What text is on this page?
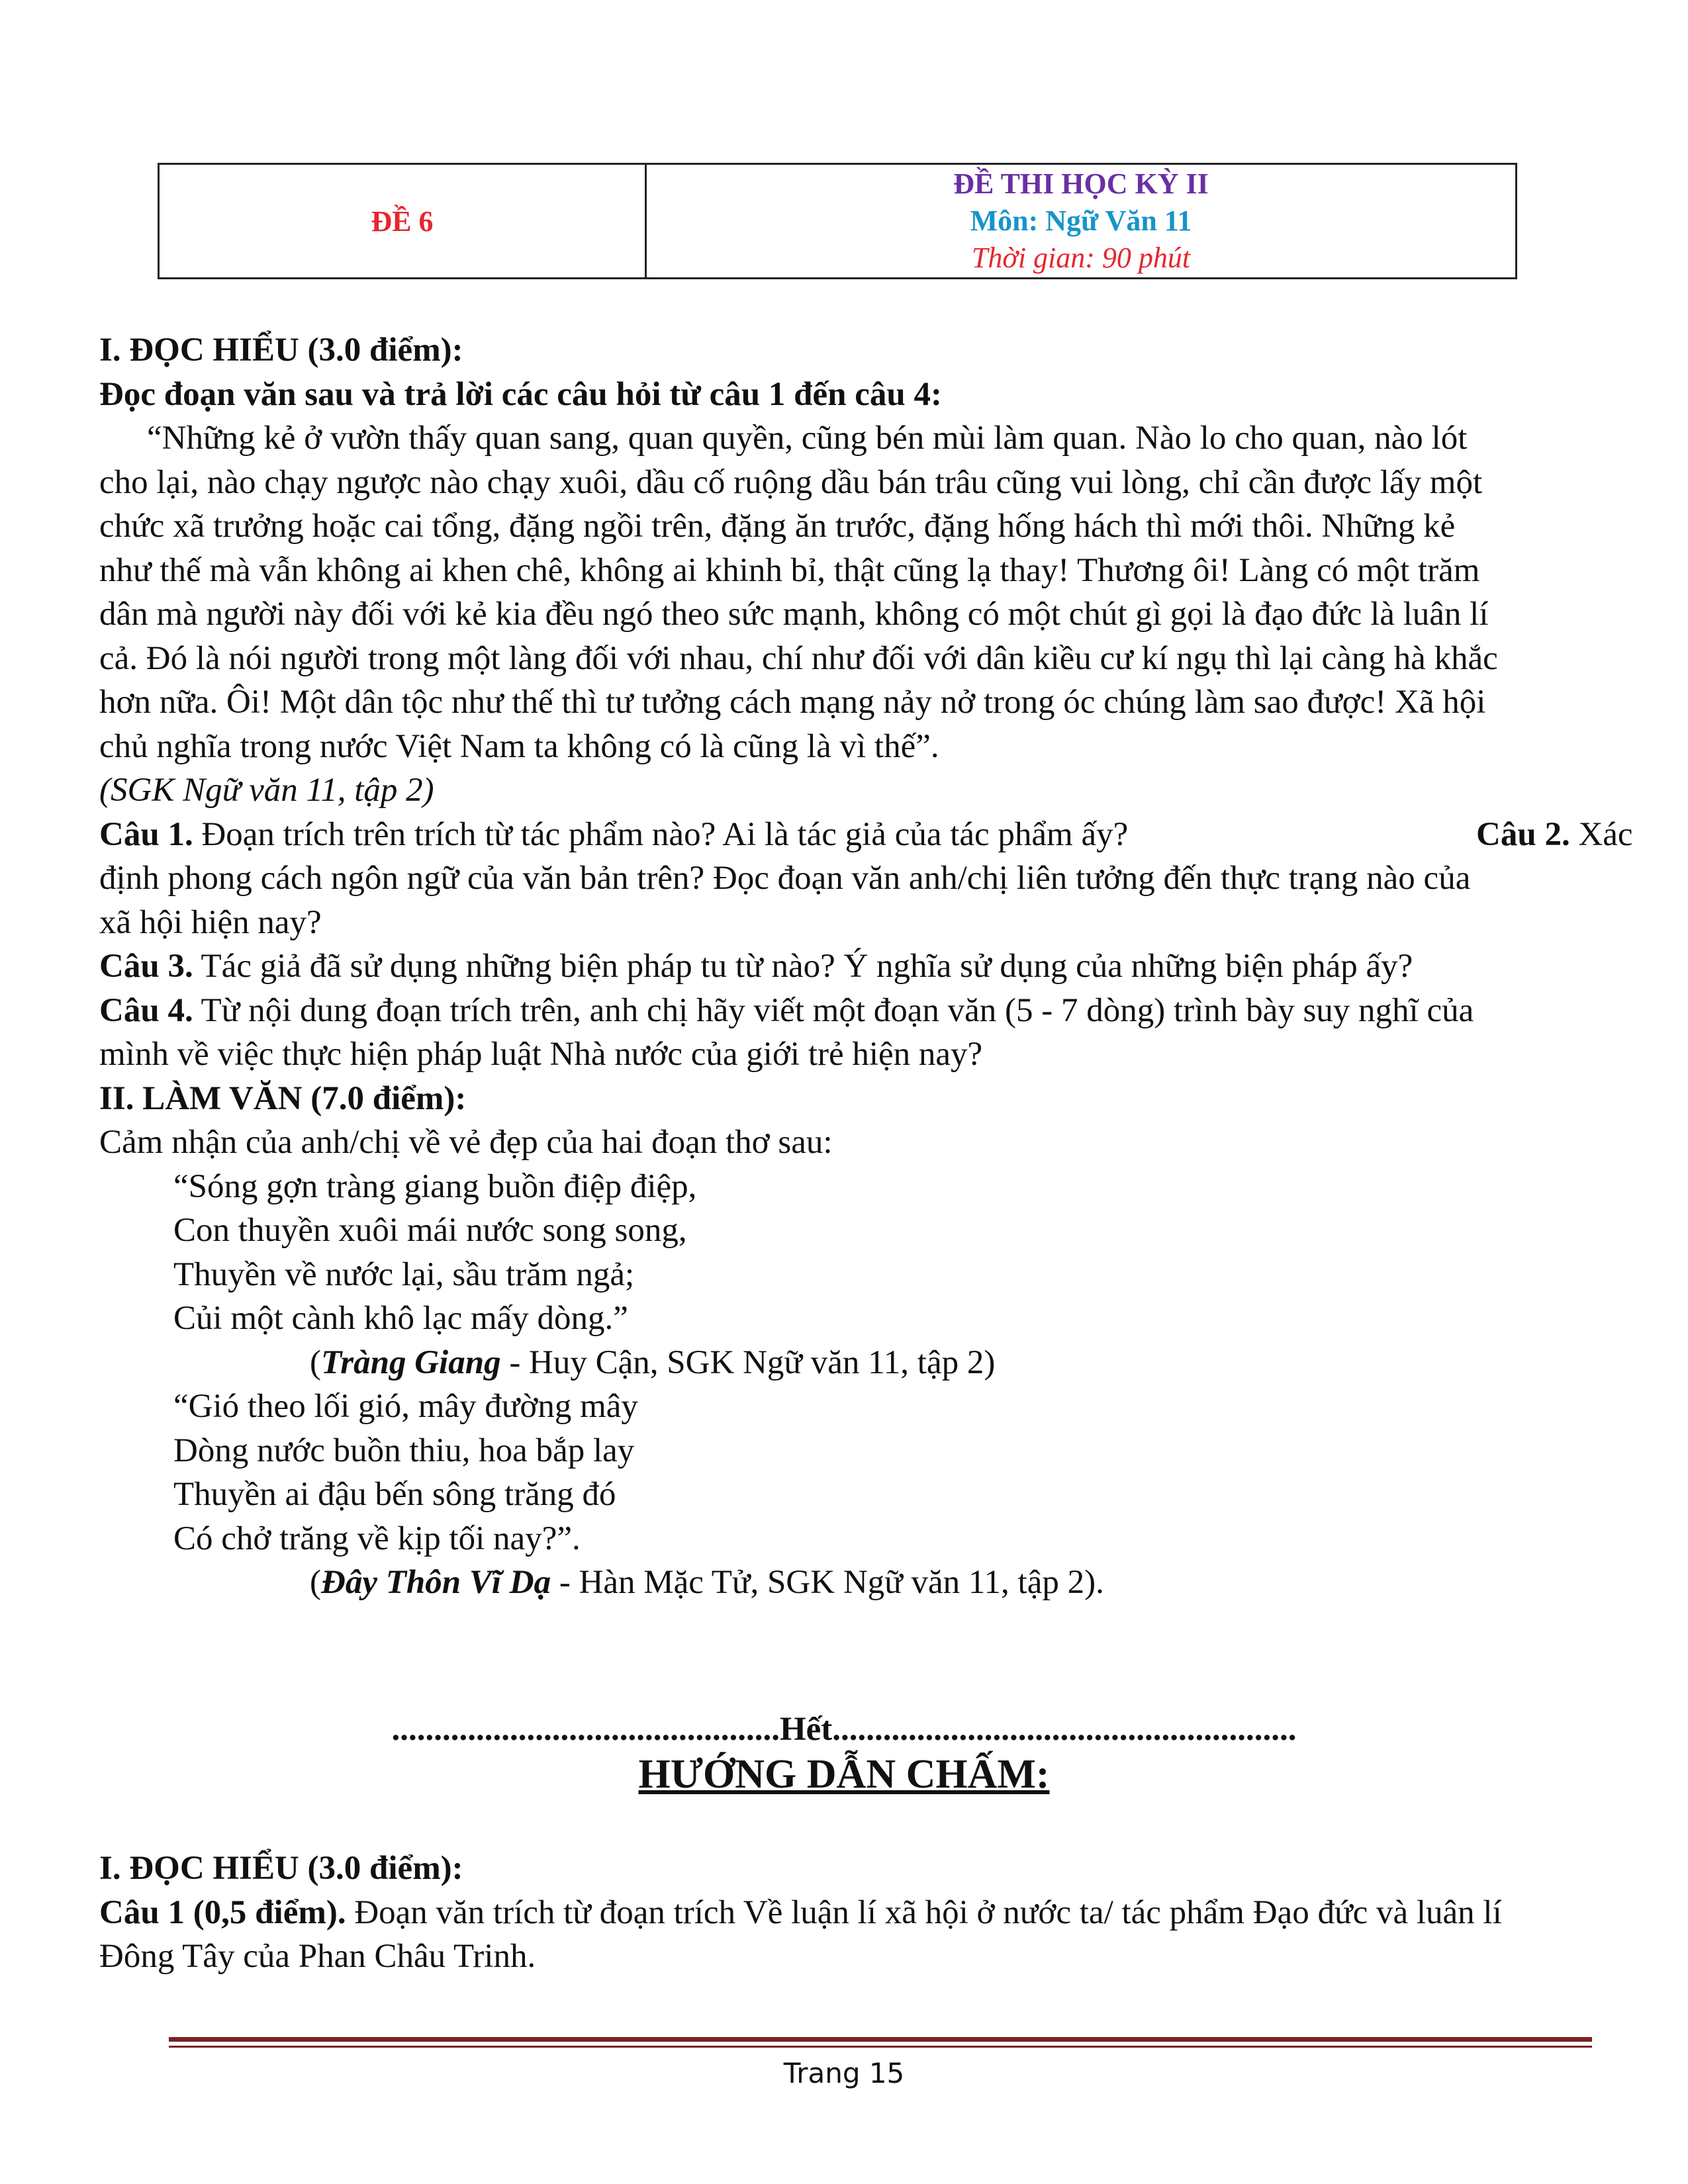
ĐỀ 6
ĐỀ THI HỌC KỲ II
Môn: Ngữ Văn 11
Thời gian: 90 phút
I. ĐỌC HIỂU (3.0 điểm):
Đọc đoạn văn sau và trả lời các câu hỏi từ câu 1 đến câu 4:
“Những kẻ ở vườn thấy quan sang, quan quyền, cũng bén mùi làm quan. Nào lo cho quan, nào lót
cho lại, nào chạy ngược nào chạy xuôi, dầu cố ruộng dầu bán trâu cũng vui lòng, chỉ cần được lấy một
chức xã trưởng hoặc cai tổng, đặng ngồi trên, đặng ăn trước, đặng hống hách thì mới thôi. Những kẻ
như thế mà vẫn không ai khen chê, không ai khinh bỉ, thật cũng lạ thay! Thương ôi! Làng có một trăm
dân mà người này đối với kẻ kia đều ngó theo sức mạnh, không có một chút gì gọi là đạo đức là luân lí
cả. Đó là nói người trong một làng đối với nhau, chí như đối với dân kiều cư kí ngụ thì lại càng hà khắc
hơn nữa. Ôi! Một dân tộc như thế thì tư tưởng cách mạng nảy nở trong óc chúng làm sao được! Xã hội
chủ nghĩa trong nước Việt Nam ta không có là cũng là vì thế”.
(SGK Ngữ văn 11, tập 2)
Câu 1. Đoạn trích trên trích từ tác phẩm nào? Ai là tác giả của tác phẩm ấy?	Câu 2. Xác
định phong cách ngôn ngữ của văn bản trên? Đọc đoạn văn anh/chị liên tưởng đến thực trạng nào của
xã hội hiện nay?
Câu 3. Tác giả đã sử dụng những biện pháp tu từ nào? Ý nghĩa sử dụng của những biện pháp ấy?
Câu 4. Từ nội dung đoạn trích trên, anh chị hãy viết một đoạn văn (5 - 7 dòng) trình bày suy nghĩ của
mình về việc thực hiện pháp luật Nhà nước của giới trẻ hiện nay?
II. LÀM VĂN (7.0 điểm):
Cảm nhận của anh/chị về vẻ đẹp của hai đoạn thơ sau:
“Sóng gợn tràng giang buồn điệp điệp,
Con thuyền xuôi mái nước song song,
Thuyền về nước lại, sầu trăm ngả;
Củi một cành khô lạc mấy dòng.”
(Tràng Giang - Huy Cận, SGK Ngữ văn 11, tập 2)
“Gió theo lối gió, mây đường mây
Dòng nước buồn thiu, hoa bắp lay
Thuyền ai đậu bến sông trăng đó
Có chở trăng về kịp tối nay?”.
(Đây Thôn Vĩ Dạ - Hàn Mặc Tử, SGK Ngữ văn 11, tập 2).
..............................................Hết.......................................................
HƯỚNG DẪN CHẤM:
I. ĐỌC HIỂU (3.0 điểm):
Câu 1 (0,5 điểm). Đoạn văn trích từ đoạn trích Về luận lí xã hội ở nước ta/ tác phẩm Đạo đức và luân lí
Đông Tây của Phan Châu Trinh.
Trang 15
